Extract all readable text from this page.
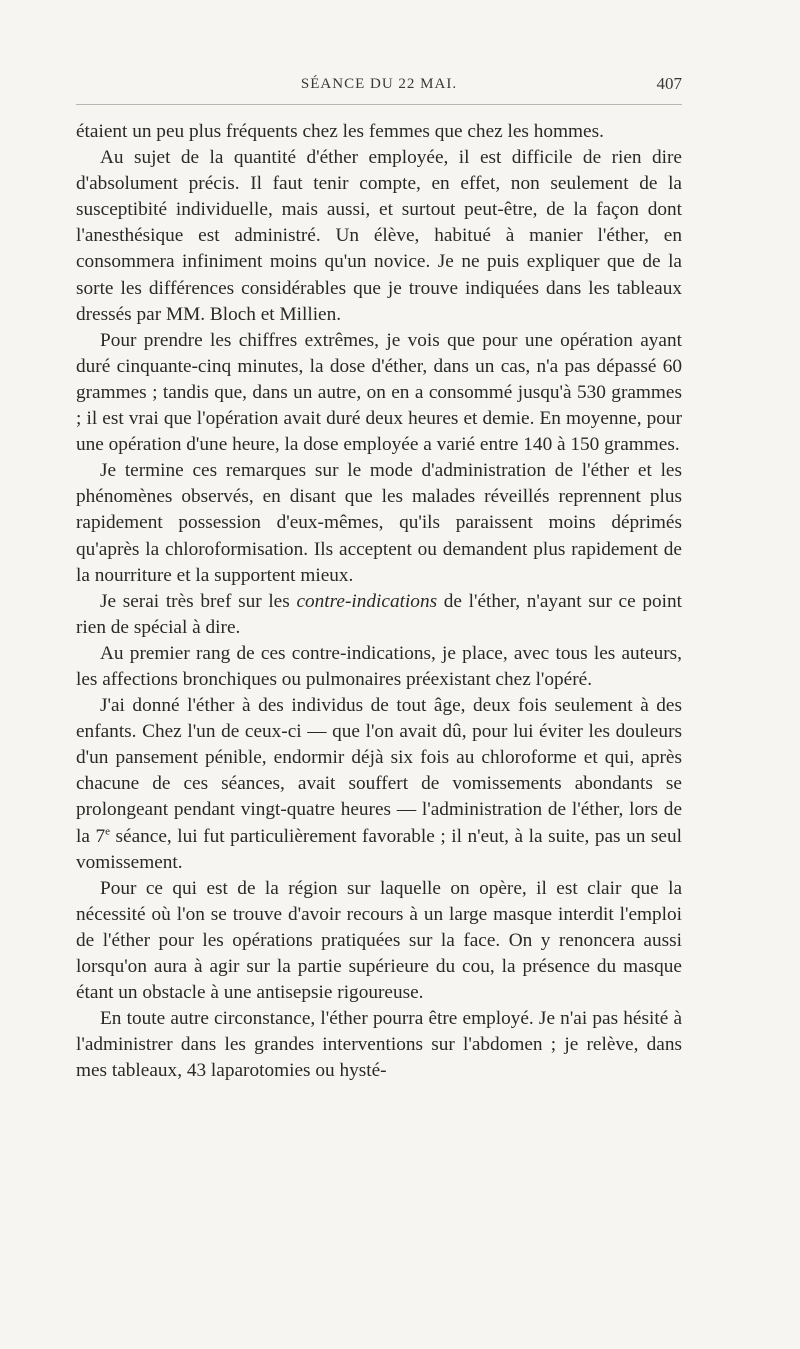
SÉANCE DU 22 MAI.	407

étaient un peu plus fréquents chez les femmes que chez les hommes.

Au sujet de la quantité d'éther employée, il est difficile de rien dire d'absolument précis. Il faut tenir compte, en effet, non seulement de la susceptibité individuelle, mais aussi, et surtout peut-être, de la façon dont l'anesthésique est administré. Un élève, habitué à manier l'éther, en consommera infiniment moins qu'un novice. Je ne puis expliquer que de la sorte les différences considérables que je trouve indiquées dans les tableaux dressés par MM. Bloch et Millien.

Pour prendre les chiffres extrêmes, je vois que pour une opération ayant duré cinquante-cinq minutes, la dose d'éther, dans un cas, n'a pas dépassé 60 grammes ; tandis que, dans un autre, on en a consommé jusqu'à 530 grammes ; il est vrai que l'opération avait duré deux heures et demie. En moyenne, pour une opération d'une heure, la dose employée a varié entre 140 à 150 grammes.

Je termine ces remarques sur le mode d'administration de l'éther et les phénomènes observés, en disant que les malades réveillés reprennent plus rapidement possession d'eux-mêmes, qu'ils paraissent moins déprimés qu'après la chloroformisation. Ils acceptent ou demandent plus rapidement de la nourriture et la supportent mieux.

Je serai très bref sur les contre-indications de l'éther, n'ayant sur ce point rien de spécial à dire.

Au premier rang de ces contre-indications, je place, avec tous les auteurs, les affections bronchiques ou pulmonaires préexistant chez l'opéré.

J'ai donné l'éther à des individus de tout âge, deux fois seulement à des enfants. Chez l'un de ceux-ci — que l'on avait dû, pour lui éviter les douleurs d'un pansement pénible, endormir déjà six fois au chloroforme et qui, après chacune de ces séances, avait souffert de vomissements abondants se prolongeant pendant vingt-quatre heures — l'administration de l'éther, lors de la 7e séance, lui fut particulièrement favorable ; il n'eut, à la suite, pas un seul vomissement.

Pour ce qui est de la région sur laquelle on opère, il est clair que la nécessité où l'on se trouve d'avoir recours à un large masque interdit l'emploi de l'éther pour les opérations pratiquées sur la face. On y renoncera aussi lorsqu'on aura à agir sur la partie supérieure du cou, la présence du masque étant un obstacle à une antisepsie rigoureuse.

En toute autre circonstance, l'éther pourra être employé. Je n'ai pas hésité à l'administrer dans les grandes interventions sur l'abdomen ; je relève, dans mes tableaux, 43 laparotomies ou hysté-
